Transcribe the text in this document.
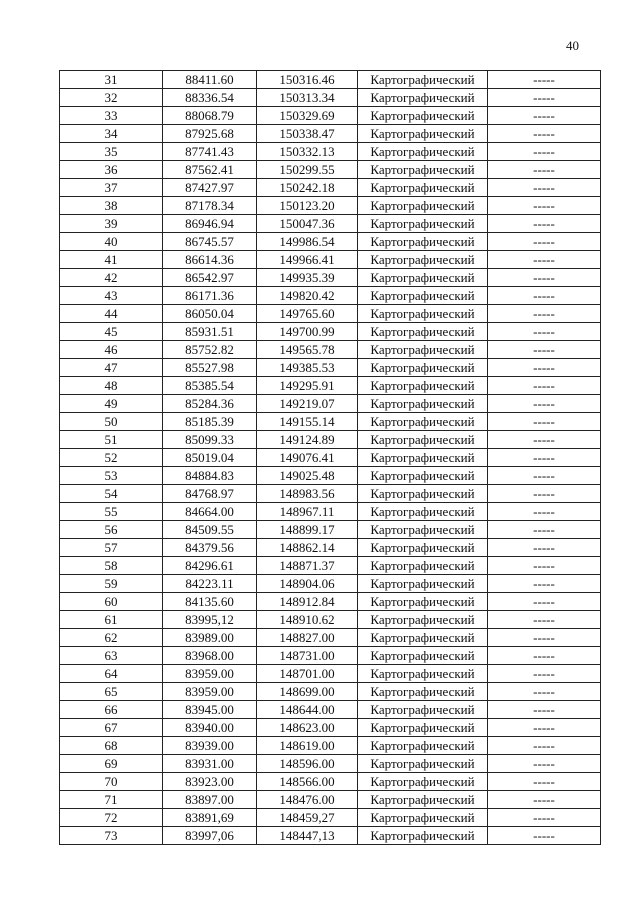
40
31	88411.60	150316.46	Картографический	-----
32	88336.54	150313.34	Картографический	-----
33	88068.79	150329.69	Картографический	-----
34	87925.68	150338.47	Картографический	-----
35	87741.43	150332.13	Картографический	-----
36	87562.41	150299.55	Картографический	-----
37	87427.97	150242.18	Картографический	-----
38	87178.34	150123.20	Картографический	-----
39	86946.94	150047.36	Картографический	-----
40	86745.57	149986.54	Картографический	-----
41	86614.36	149966.41	Картографический	-----
42	86542.97	149935.39	Картографический	-----
43	86171.36	149820.42	Картографический	-----
44	86050.04	149765.60	Картографический	-----
45	85931.51	149700.99	Картографический	-----
46	85752.82	149565.78	Картографический	-----
47	85527.98	149385.53	Картографический	-----
48	85385.54	149295.91	Картографический	-----
49	85284.36	149219.07	Картографический	-----
50	85185.39	149155.14	Картографический	-----
51	85099.33	149124.89	Картографический	-----
52	85019.04	149076.41	Картографический	-----
53	84884.83	149025.48	Картографический	-----
54	84768.97	148983.56	Картографический	-----
55	84664.00	148967.11	Картографический	-----
56	84509.55	148899.17	Картографический	-----
57	84379.56	148862.14	Картографический	-----
58	84296.61	148871.37	Картографический	-----
59	84223.11	148904.06	Картографический	-----
60	84135.60	148912.84	Картографический	-----
61	83995,12	148910.62	Картографический	-----
62	83989.00	148827.00	Картографический	-----
63	83968.00	148731.00	Картографический	-----
64	83959.00	148701.00	Картографический	-----
65	83959.00	148699.00	Картографический	-----
66	83945.00	148644.00	Картографический	-----
67	83940.00	148623.00	Картографический	-----
68	83939.00	148619.00	Картографический	-----
69	83931.00	148596.00	Картографический	-----
70	83923.00	148566.00	Картографический	-----
71	83897.00	148476.00	Картографический	-----
72	83891,69	148459,27	Картографический	-----
73	83997,06	148447,13	Картографический	-----
